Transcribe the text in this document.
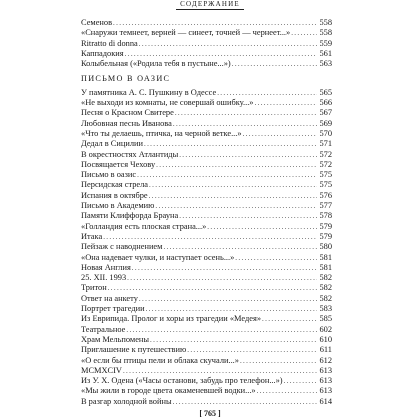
СОДЕРЖАНИЕ
Семенов . . .	558
«Снаружи темнеет, верней — синеет, точней — чернеет...» . . .	558
Ritratto di donna . . .	559
Каппадокия . . .	561
Колыбельная («Родила тебя в пустыне...») . . .	563
ПИСЬМО В ОАЗИС
У памятника А. С. Пушкину в Одессе . . .	565
«Не выходи из комнаты, не совершай ошибку...» . . .	566
Песня о Красном Свитере . . .	567
Любовная песнь Иванова . . .	569
«Что ты делаешь, птичка, на черной ветке...» . . .	570
Дедал в Сицилии . . .	571
В окрестностях Атлантиды . . .	572
Посвящается Чехову . . .	572
Письмо в оазис . . .	575
Персидская стрела . . .	575
Испания в октябре . . .	576
Письмо в Академию . . .	577
Памяти Клиффорда Брауна . . .	578
«Голландия есть плоская страна...» . . .	579
Итака . . .	579
Пейзаж с наводнением . . .	580
«Она надевает чулки, и наступает осень...» . . .	581
Новая Англия . . .	581
25. XII. 1993 . . .	582
Тритон . . .	582
Ответ на анкету . . .	582
Портрет трагедии . . .	583
Из Еврипида. Пролог и хоры из трагедии «Медея» . . .	585
Театральное . . .	602
Храм Мельпомены . . .	610
Приглашение к путешествию . . .	611
«О если бы птицы пели и облака скучали...» . . .	612
MCMXCIV . . .	613
Из У. Х. Одена («Часы останови, забудь про телефон...») . . .	613
«Мы жили в городе цвета окаменевшей водки...» . . .	613
В разгар холодной войны . . .	614
[ 765 ]
